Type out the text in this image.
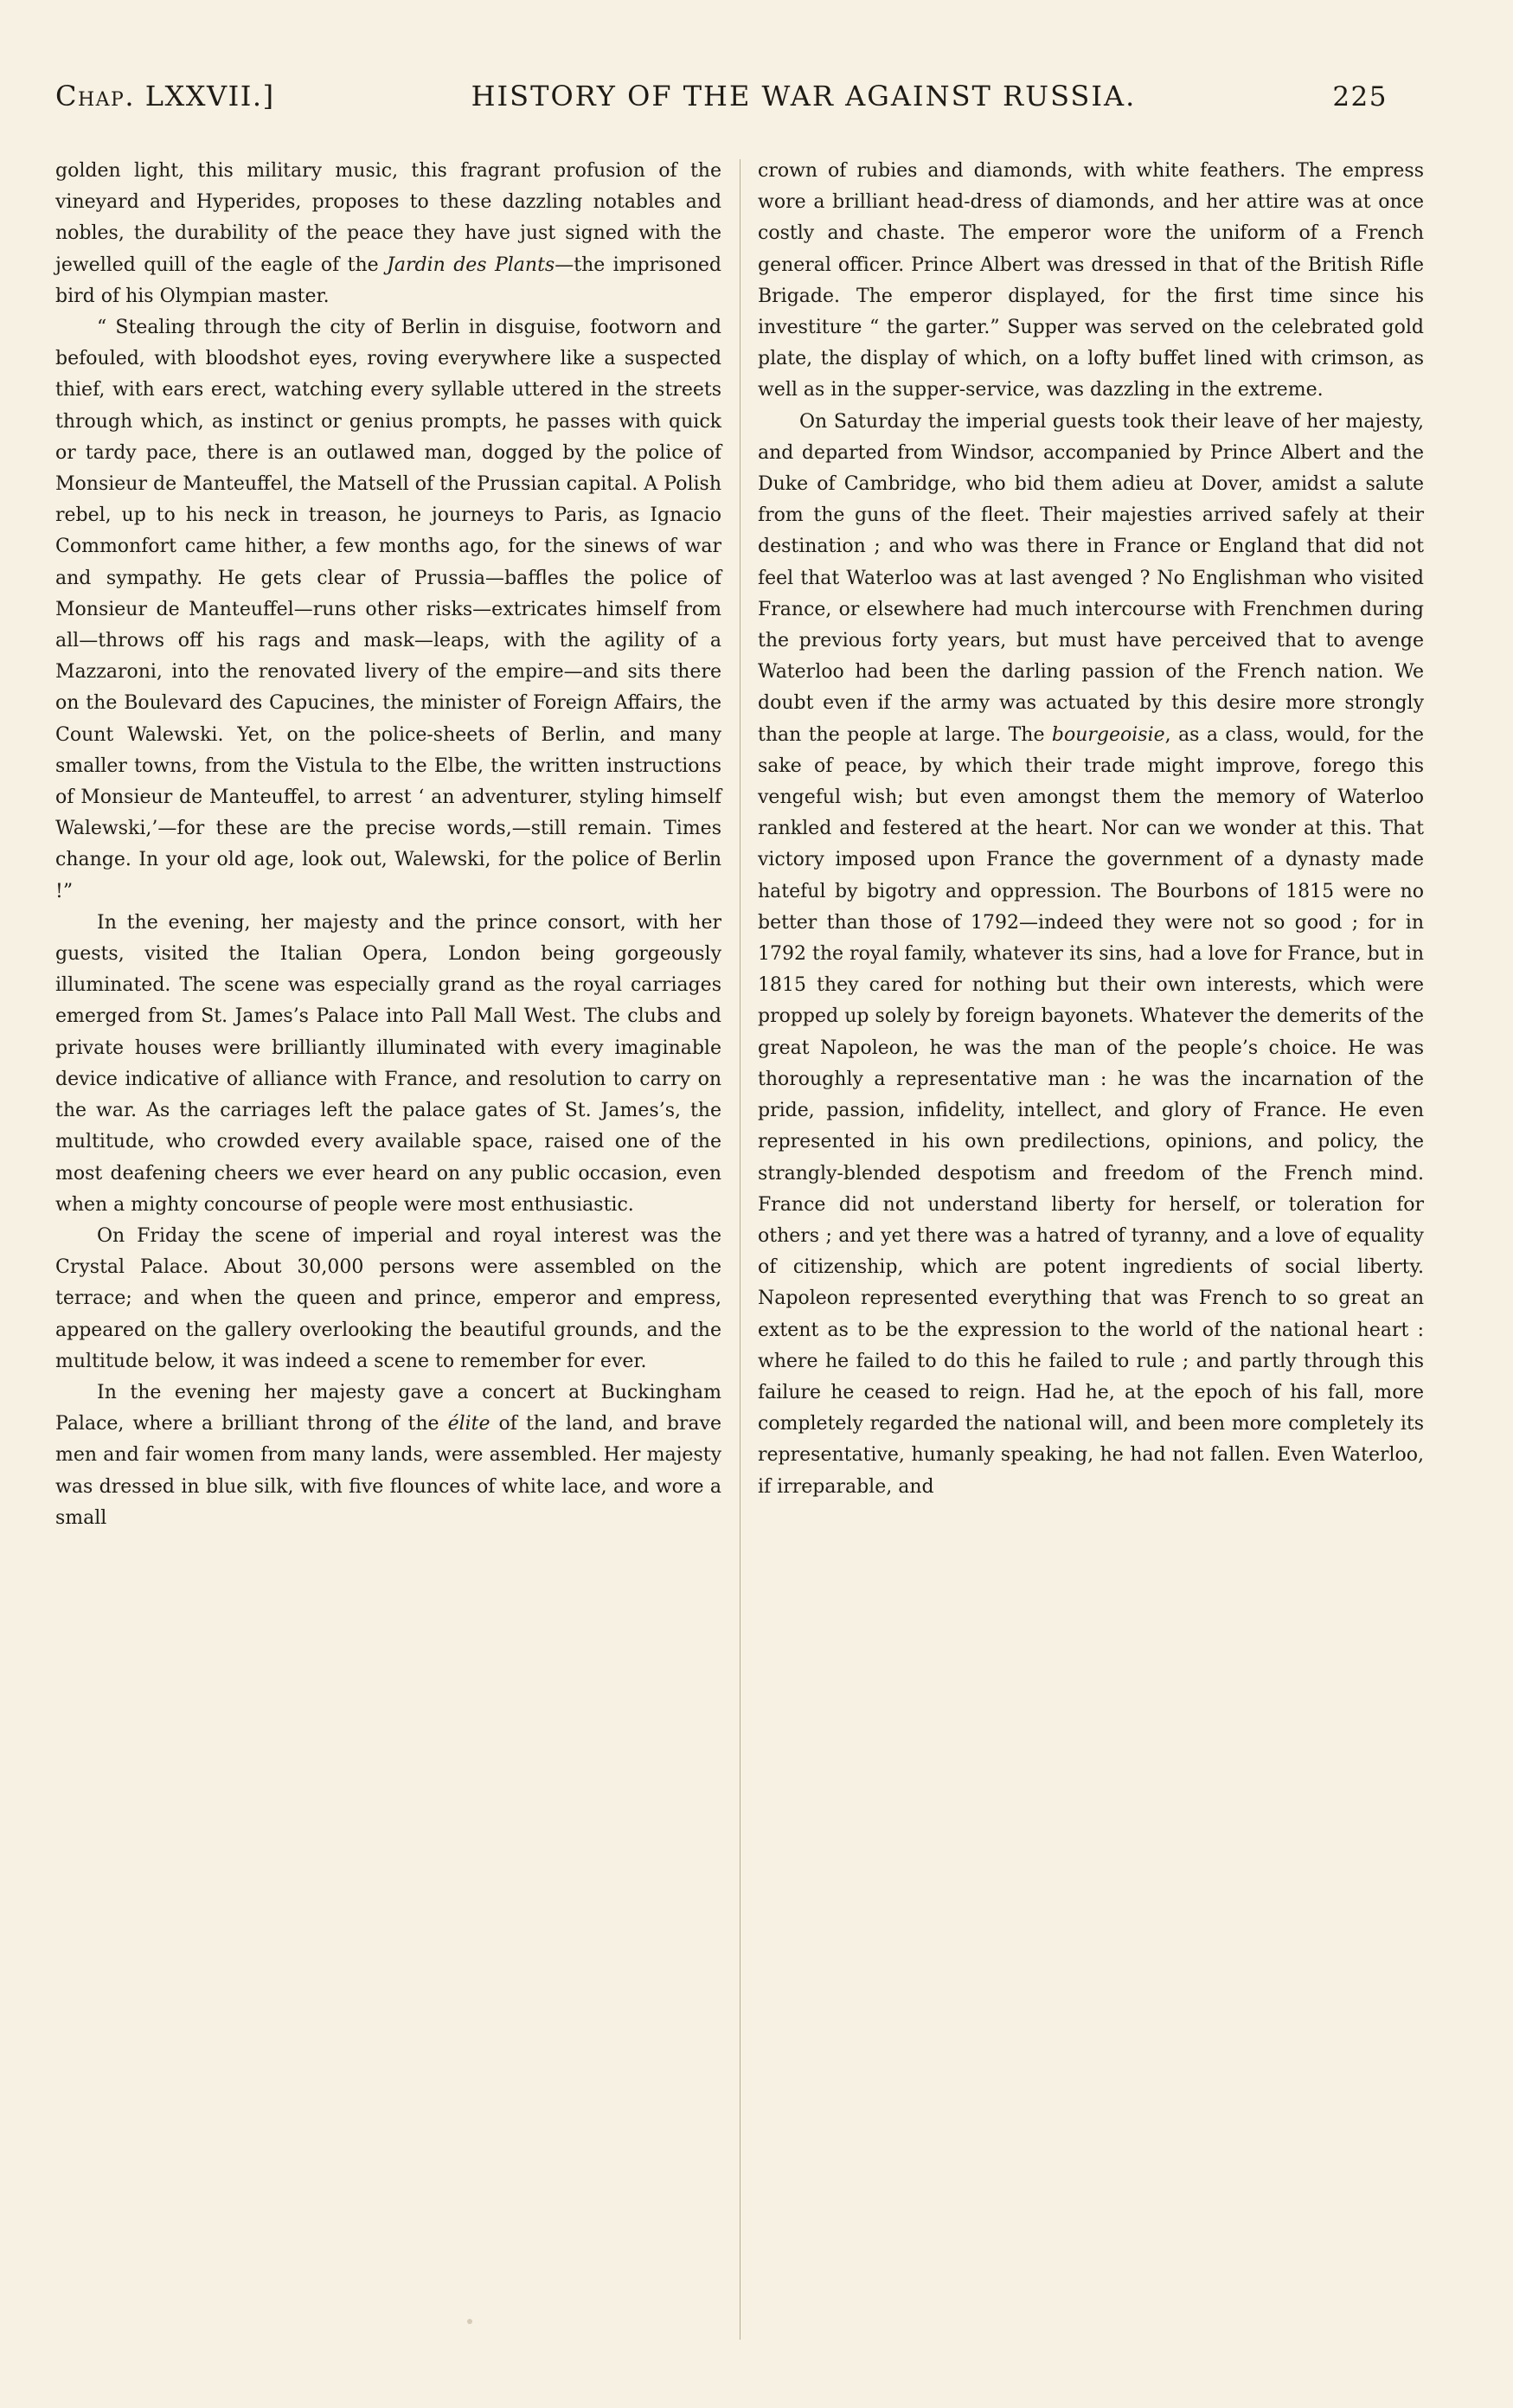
Chap. LXXVII.]	HISTORY OF THE WAR AGAINST RUSSIA.	225

golden light, this military music, this fragrant profusion of the vineyard and Hyperides, proposes to these dazzling notables and nobles, the durability of the peace they have just signed with the jewelled quill of the eagle of the Jardin des Plants—the imprisoned bird of his Olympian master.

“ Stealing through the city of Berlin in disguise, footworn and befouled, with bloodshot eyes, roving everywhere like a suspected thief, with ears erect, watching every syllable uttered in the streets through which, as instinct or genius prompts, he passes with quick or tardy pace, there is an outlawed man, dogged by the police of Monsieur de Manteuffel, the Matsell of the Prussian capital. A Polish rebel, up to his neck in treason, he journeys to Paris, as Ignacio Commonfort came hither, a few months ago, for the sinews of war and sympathy. He gets clear of Prussia—baffles the police of Monsieur de Manteuffel—runs other risks—extricates himself from all—throws off his rags and mask—leaps, with the agility of a Mazzaroni, into the renovated livery of the empire—and sits there on the Boulevard des Capucines, the minister of Foreign Affairs, the Count Walewski. Yet, on the police-sheets of Berlin, and many smaller towns, from the Vistula to the Elbe, the written instructions of Monsieur de Manteuffel, to arrest ‘ an adventurer, styling himself Walewski,’—for these are the precise words,—still remain. Times change. In your old age, look out, Walewski, for the police of Berlin !”

In the evening, her majesty and the prince consort, with her guests, visited the Italian Opera, London being gorgeously illuminated. The scene was especially grand as the royal carriages emerged from St. James’s Palace into Pall Mall West. The clubs and private houses were brilliantly illuminated with every imaginable device indicative of alliance with France, and resolution to carry on the war. As the carriages left the palace gates of St. James’s, the multitude, who crowded every available space, raised one of the most deafening cheers we ever heard on any public occasion, even when a mighty concourse of people were most enthusiastic.

On Friday the scene of imperial and royal interest was the Crystal Palace. About 30,000 persons were assembled on the terrace; and when the queen and prince, emperor and empress, appeared on the gallery overlooking the beautiful grounds, and the multitude below, it was indeed a scene to remember for ever.

In the evening her majesty gave a concert at Buckingham Palace, where a brilliant throng of the élite of the land, and brave men and fair women from many lands, were assembled. Her majesty was dressed in blue silk, with five flounces of white lace, and wore a small

crown of rubies and diamonds, with white feathers. The empress wore a brilliant head-dress of diamonds, and her attire was at once costly and chaste. The emperor wore the uniform of a French general officer. Prince Albert was dressed in that of the British Rifle Brigade. The emperor displayed, for the first time since his investiture “ the garter.” Supper was served on the celebrated gold plate, the display of which, on a lofty buffet lined with crimson, as well as in the supper-service, was dazzling in the extreme.

On Saturday the imperial guests took their leave of her majesty, and departed from Windsor, accompanied by Prince Albert and the Duke of Cambridge, who bid them adieu at Dover, amidst a salute from the guns of the fleet. Their majesties arrived safely at their destination ; and who was there in France or England that did not feel that Waterloo was at last avenged ? No Englishman who visited France, or elsewhere had much intercourse with Frenchmen during the previous forty years, but must have perceived that to avenge Waterloo had been the darling passion of the French nation. We doubt even if the army was actuated by this desire more strongly than the people at large. The bourgeoisie, as a class, would, for the sake of peace, by which their trade might improve, forego this vengeful wish; but even amongst them the memory of Waterloo rankled and festered at the heart. Nor can we wonder at this. That victory imposed upon France the government of a dynasty made hateful by bigotry and oppression. The Bourbons of 1815 were no better than those of 1792—indeed they were not so good ; for in 1792 the royal family, whatever its sins, had a love for France, but in 1815 they cared for nothing but their own interests, which were propped up solely by foreign bayonets. Whatever the demerits of the great Napoleon, he was the man of the people’s choice. He was thoroughly a representative man : he was the incarnation of the pride, passion, infidelity, intellect, and glory of France. He even represented in his own predilections, opinions, and policy, the strangly-blended despotism and freedom of the French mind. France did not understand liberty for herself, or toleration for others ; and yet there was a hatred of tyranny, and a love of equality of citizenship, which are potent ingredients of social liberty. Napoleon represented everything that was French to so great an extent as to be the expression to the world of the national heart : where he failed to do this he failed to rule ; and partly through this failure he ceased to reign. Had he, at the epoch of his fall, more completely regarded the national will, and been more completely its representative, humanly speaking, he had not fallen. Even Waterloo, if irreparable, and
